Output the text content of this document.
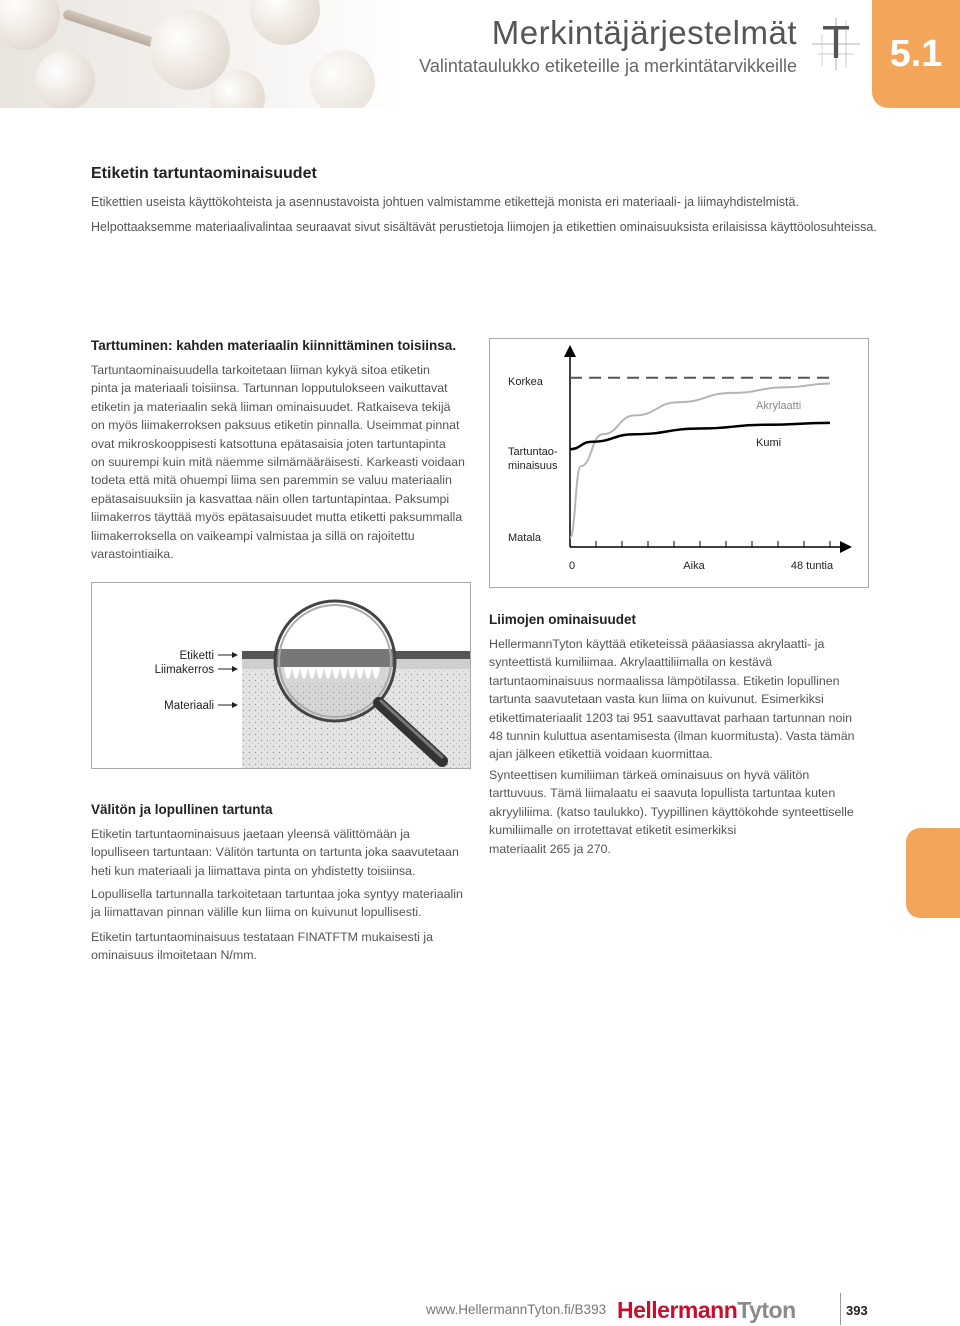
Merkintäjärjestelmät
Valintataulukko etiketeille ja merkintätarvikkeille T 5.1
Etiketin tartuntaominaisuudet
Etikettien useista käyttökohteista ja asennustavoista johtuen valmistamme etikettejä monista eri materiaali- ja liimayhdistelmistä.
Helpottaaksemme materiaalivalintaa seuraavat sivut sisältävät perustietoja liimojen ja etikettien ominaisuuksista erilaisissa käyttöolosuhteissa.
Tarttuminen: kahden materiaalin kiinnittäminen toisiinsa.
Tartuntaominaisuudella tarkoitetaan liiman kykyä sitoa etiketin
pinta ja materiaali toisiinsa. Tartunnan lopputulokseen vaikuttavat
etiketin ja materiaalin sekä liiman ominaisuudet. Ratkaiseva tekijä
on myös liimakerroksen paksuus etiketin pinnalla. Useimmat pinnat
ovat mikroskooppisesti katsottuna epätasaisia joten tartuntapinta
on suurempi kuin mitä näemme silmämääräisesti. Karkeasti voidaan
todeta että mitä ohuempi liima sen paremmin se valuu materiaalin
epätasaisuuksiin ja kasvattaa näin ollen tartuntapintaa. Paksumpi
liimakerros täyttää myös epätasaisuudet mutta etiketti paksummalla
liimakerroksella on vaikeampi valmistaa ja sillä on rajoitettu
varastointiaika.
Korkea
Tartuntao-
minaisuus
Matala
0	Aika	48 tuntia
Akrylaatti
Kumi
Etiketti
Liimakerros
Materiaali
Välitön ja lopullinen tartunta
Etiketin tartuntaominaisuus jaetaan yleensä välittömään ja
lopulliseen tartuntaan: Välitön tartunta on tartunta joka saavutetaan
heti kun materiaali ja liimattava pinta on yhdistetty toisiinsa.
Lopullisella tartunnalla tarkoitetaan tartuntaa joka syntyy materiaalin
ja liimattavan pinnan välille kun liima on kuivunut lopullisesti.
Etiketin tartuntaominaisuus testataan FINATFTM mukaisesti ja
ominaisuus ilmoitetaan N/mm.
Liimojen ominaisuudet
HellermannTyton käyttää etiketeissä pääasiassa akrylaatti- ja
synteettistä kumiliimaa. Akrylaattiliimalla on kestävä
tartuntaominaisuus normaalissa lämpötilassa. Etiketin lopullinen
tartunta saavutetaan vasta kun liima on kuivunut. Esimerkiksi
etikettimateriaalit 1203 tai 951 saavuttavat parhaan tartunnan noin
48 tunnin kuluttua asentamisesta (ilman kuormitusta). Vasta tämän
ajan jälkeen etikettiä voidaan kuormittaa.
Synteettisen kumiliiman tärkeä ominaisuus on hyvä välitön
tarttuvuus. Tämä liimalaatu ei saavuta lopullista tartuntaa kuten
akryyliliima. (katso taulukko). Tyypillinen käyttökohde synteettiselle
kumiliimalle on irrotettavat etiketit esimerkiksi
materiaalit 265 ja 270.
www.HellermannTyton.fi/B393 HellermannTyton	393
